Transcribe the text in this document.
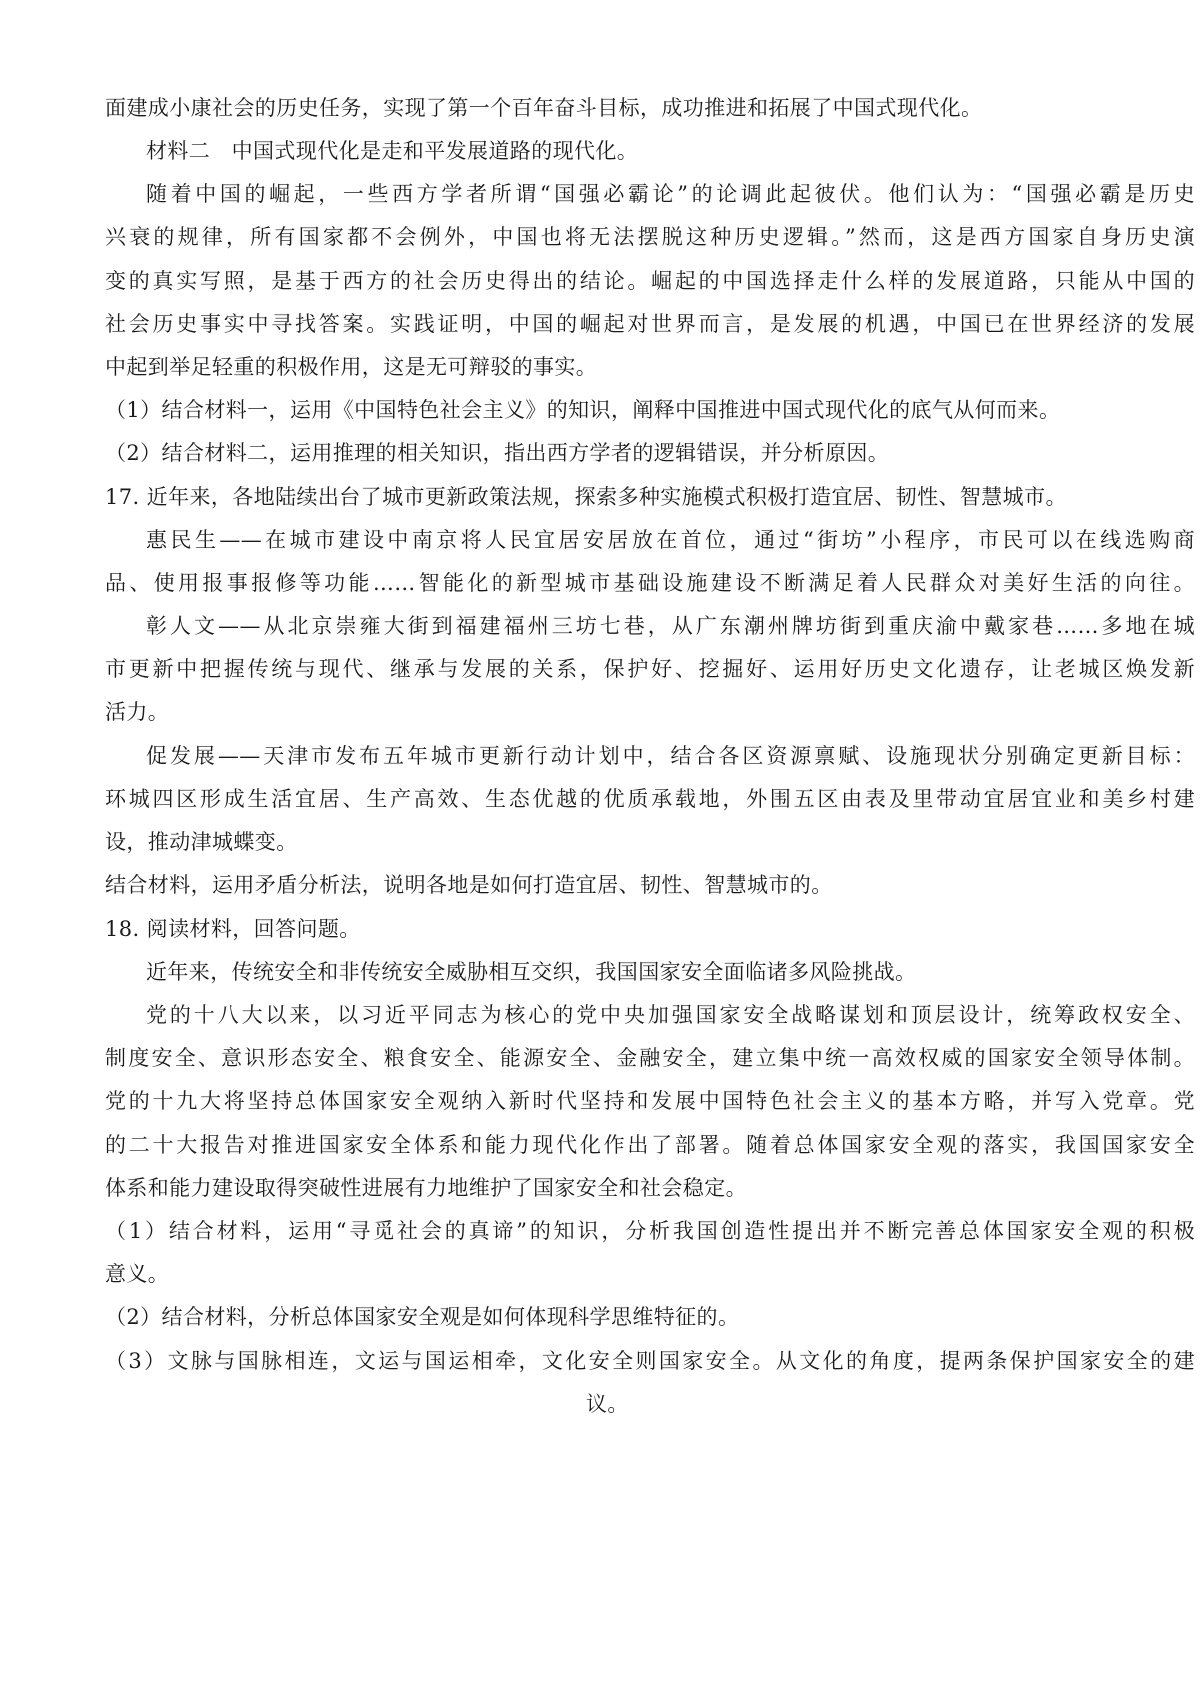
面建成小康社会的历史任务，实现了第一个百年奋斗目标，成功推进和拓展了中国式现代化。
材料二　中国式现代化是走和平发展道路的现代化。
随着中国的崛起，一些西方学者所谓“国强必霸论”的论调此起彼伏。他们认为：“国强必霸是历史
兴衰的规律，所有国家都不会例外，中国也将无法摆脱这种历史逻辑。”然而，这是西方国家自身历史演
变的真实写照，是基于西方的社会历史得出的结论。崛起的中国选择走什么样的发展道路，只能从中国的
社会历史事实中寻找答案。实践证明，中国的崛起对世界而言，是发展的机遇，中国已在世界经济的发展
中起到举足轻重的积极作用，这是无可辩驳的事实。
（1）结合材料一，运用《中国特色社会主义》的知识，阐释中国推进中国式现代化的底气从何而来。
（2）结合材料二，运用推理的相关知识，指出西方学者的逻辑错误，并分析原因。
17. 近年来，各地陆续出台了城市更新政策法规，探索多种实施模式积极打造宜居、韧性、智慧城市。
惠民生——在城市建设中南京将人民宜居安居放在首位，通过“街坊”小程序，市民可以在线选购商
品、使用报事报修等功能……智能化的新型城市基础设施建设不断满足着人民群众对美好生活的向往。
彰人文——从北京崇雍大街到福建福州三坊七巷，从广东潮州牌坊街到重庆渝中戴家巷……多地在城
市更新中把握传统与现代、继承与发展的关系，保护好、挖掘好、运用好历史文化遗存，让老城区焕发新
活力。
促发展——天津市发布五年城市更新行动计划中，结合各区资源禀赋、设施现状分别确定更新目标：
环城四区形成生活宜居、生产高效、生态优越的优质承载地，外围五区由表及里带动宜居宜业和美乡村建
设，推动津城蝶变。
结合材料，运用矛盾分析法，说明各地是如何打造宜居、韧性、智慧城市的。
18. 阅读材料，回答问题。
近年来，传统安全和非传统安全威胁相互交织，我国国家安全面临诸多风险挑战。
党的十八大以来，以习近平同志为核心的党中央加强国家安全战略谋划和顶层设计，统筹政权安全、
制度安全、意识形态安全、粮食安全、能源安全、金融安全，建立集中统一高效权威的国家安全领导体制。
党的十九大将坚持总体国家安全观纳入新时代坚持和发展中国特色社会主义的基本方略，并写入党章。党
的二十大报告对推进国家安全体系和能力现代化作出了部署。随着总体国家安全观的落实，我国国家安全
体系和能力建设取得突破性进展有力地维护了国家安全和社会稳定。
（1）结合材料，运用“寻觅社会的真谛”的知识，分析我国创造性提出并不断完善总体国家安全观的积极
意义。
（2）结合材料，分析总体国家安全观是如何体现科学思维特征的。
（3）文脉与国脉相连，文运与国运相牵，文化安全则国家安全。从文化的角度，提两条保护国家安全的建
议。
